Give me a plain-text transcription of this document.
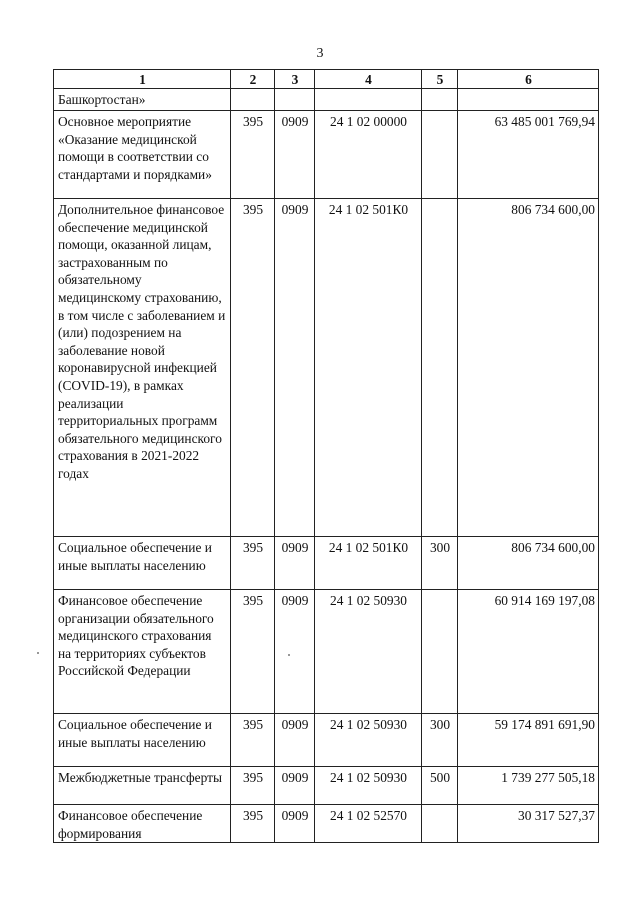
3
1	2	3	4	5	6
Башкортостан»					
Основное мероприятие «Оказание медицинской помощи в соответствии со стандартами и порядками»	395	0909	24 1 02 00000		63 485 001 769,94
Дополнительное финансовое обеспечение медицинской помощи, оказанной лицам, застрахованным по обязательному медицинскому страхованию, в том числе с заболеванием и (или) подозрением на заболевание новой коронавирусной инфекцией (COVID-19), в рамках реализации территориальных программ обязательного медицинского страхования в 2021-2022 годах	395	0909	24 1 02 501К0		806 734 600,00
Социальное обеспечение и иные выплаты населению	395	0909	24 1 02 501К0	300	806 734 600,00
Финансовое обеспечение организации обязательного медицинского страхования на территориях субъектов Российской Федерации	395	0909	24 1 02 50930		60 914 169 197,08
Социальное обеспечение и иные выплаты населению	395	0909	24 1 02 50930	300	59 174 891 691,90
Межбюджетные трансферты	395	0909	24 1 02 50930	500	1 739 277 505,18
Финансовое обеспечение формирования	395	0909	24 1 02 52570		30 317 527,37
